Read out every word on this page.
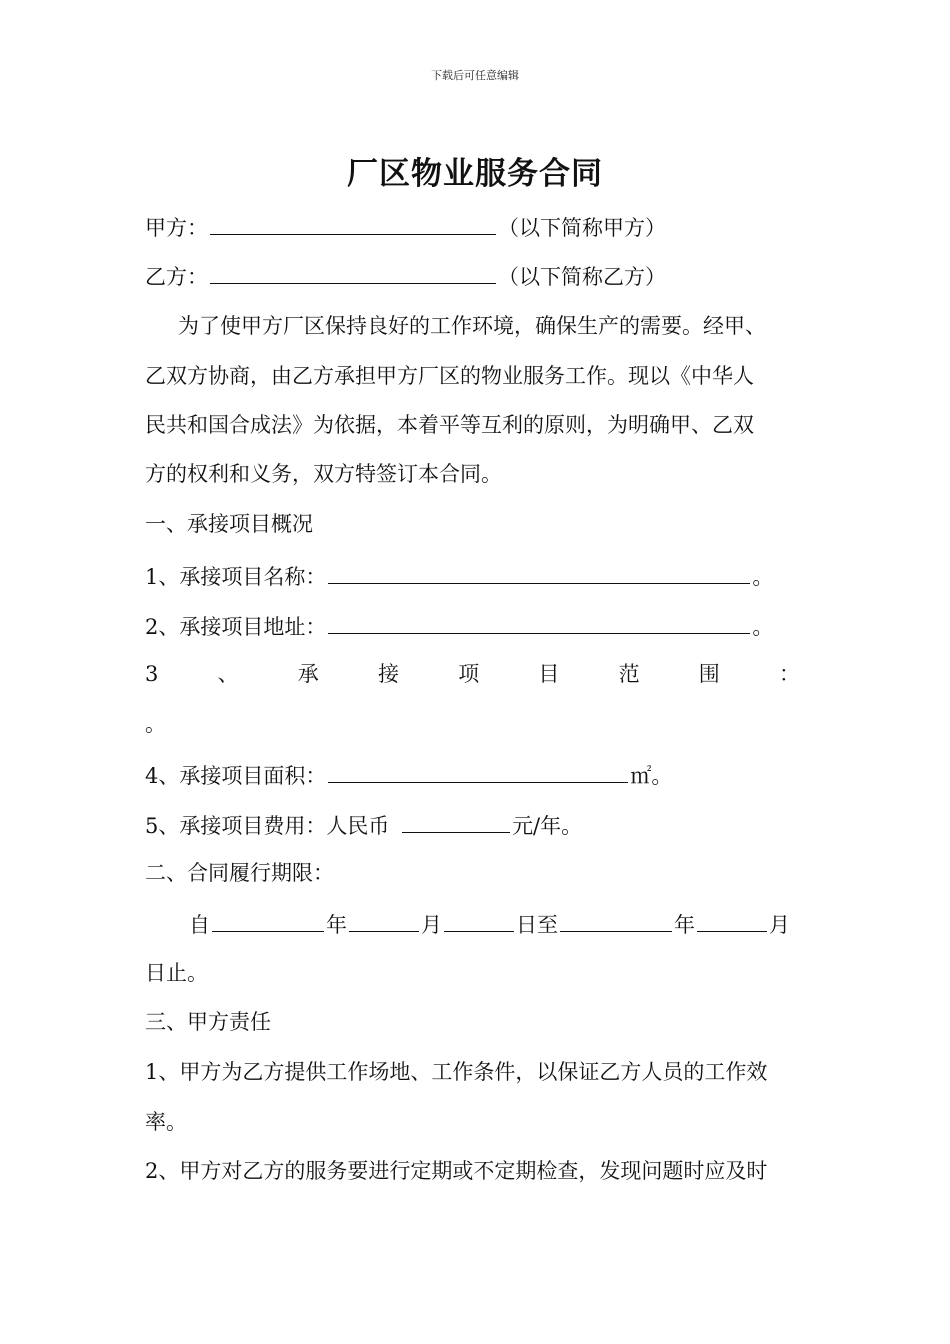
下载后可任意编辑
厂区物业服务合同
甲方：	（以下简称甲方）
乙方：	（以下简称乙方）
为了使甲方厂区保持良好的工作环境，确保生产的需要。经甲、
乙双方协商，由乙方承担甲方厂区的物业服务工作。现以《中华人
民共和国合成法》为依据，本着平等互利的原则，为明确甲、乙双
方的权利和义务，双方特签订本合同。
一、承接项目概况
1、承接项目名称：	。
2、承接项目地址：	。
3	、	承	接	项	目	范	围	：
。
4、承接项目面积：	㎡。
5、承接项目费用：人民币	元/年。
二、合同履行期限：
自	年	月	日至	年	月
日止。
三、甲方责任
1、甲方为乙方提供工作场地、工作条件，以保证乙方人员的工作效
率。
2、甲方对乙方的服务要进行定期或不定期检查，发现问题时应及时
